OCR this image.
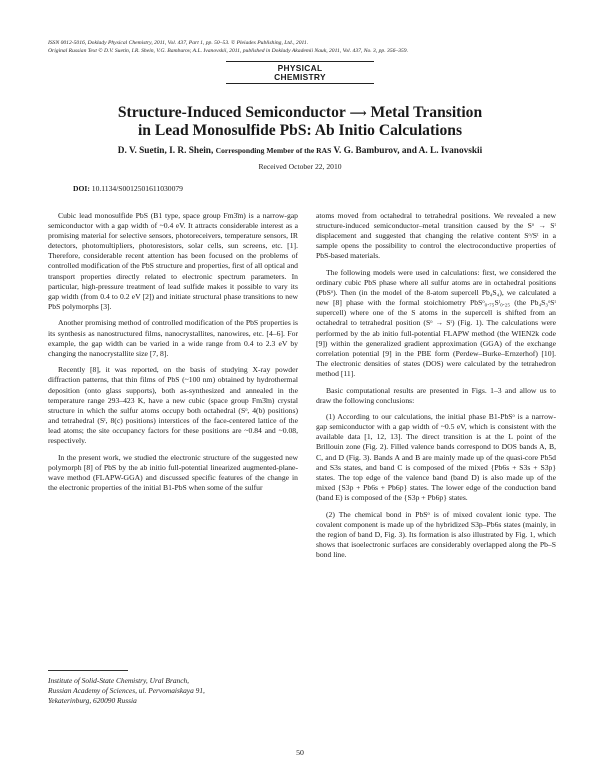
ISSN 0012-5016, Doklady Physical Chemistry, 2011, Vol. 437, Part 1, pp. 50–53. © Pleiades Publishing, Ltd., 2011.
Original Russian Text © D.V. Suetin, I.R. Shein, V.G. Bamburov, A.L. Ivanovskii, 2011, published in Doklady Akademii Nauk, 2011, Vol. 437, No. 3, pp. 356–359.
PHYSICAL
CHEMISTRY
Structure-Induced Semiconductor ⟶ Metal Transition
in Lead Monosulfide PbS: Ab Initio Calculations
D. V. Suetin, I. R. Shein, Corresponding Member of the RAS V. G. Bamburov, and A. L. Ivanovskii
Received October 22, 2010
DOI: 10.1134/S0012501611030079

Cubic lead monosulfide PbS (B1 type, space group Fm3̄m) is a narrow-gap semiconductor with a gap width of ~0.4 eV. It attracts considerable interest as a promising material for selective sensors, photoreceivers, temperature sensors, IR detectors, photomultipliers, photoresistors, solar cells, sun screens, etc. [1]. Therefore, considerable recent attention has been focused on the problems of controlled modification of the PbS structure and properties, first of all optical and transport properties directly related to electronic spectrum parameters. In particular, high-pressure treatment of lead sulfide makes it possible to vary its gap width (from 0.4 to 0.2 eV [2]) and initiate structural phase transitions to new PbS polymorphs [3].

Another promising method of controlled modification of the PbS properties is its synthesis as nanostructured films, nanocrystallites, nanowires, etc. [4–6]. For example, the gap width can be varied in a wide range from 0.4 to 2.3 eV by changing the nanocrystallite size [7, 8].

Recently [8], it was reported, on the basis of studying X-ray powder diffraction patterns, that thin films of PbS (~100 nm) obtained by hydrothermal deposition (onto glass supports), both as-synthesized and annealed in the temperature range 293–423 K, have a new cubic (space group Fm3̄m) crystal structure in which the sulfur atoms occupy both octahedral (Sᵒ, 4(b) positions) and tetrahedral (Sᵗ, 8(c) positions) interstices of the face-centered lattice of the lead atoms; the site occupancy factors for these positions are ~0.84 and ~0.08, respectively.

In the present work, we studied the electronic structure of the suggested new polymorph [8] of PbS by the ab initio full-potential linearized augmented-plane-wave method (FLAPW-GGA) and discussed specific features of the change in the electronic properties of the initial B1-PbS when some of the sulfur

atoms moved from octahedral to tetrahedral positions. We revealed a new structure-induced semiconductor–metal transition caused by the Sᵒ → Sᵗ displacement and suggested that changing the relative content Sᵒ/Sᵗ in a sample opens the possibility to control the electroconductive properties of PbS-based materials.

The following models were used in calculations: first, we considered the ordinary cubic PbS phase where all sulfur atoms are in octahedral positions (PbSᵒ). Then (in the model of the 8-atom supercell Pb₄S₄), we calculated a new [8] phase with the formal stoichiometry PbSᵒ₀.₇₅Sᵗ₀.₂₅ (the Pb₄S₃ᵒSᵗ supercell) where one of the S atoms in the supercell is shifted from an octahedral to tetrahedral position (Sᵒ → Sᵗ) (Fig. 1). The calculations were performed by the ab initio full-potential FLAPW method (the WIEN2k code [9]) within the generalized gradient approximation (GGA) of the exchange correlation potential [9] in the PBE form (Perdew–Burke–Ernzerhof) [10]. The electronic densities of states (DOS) were calculated by the tetrahedron method [11].

Basic computational results are presented in Figs. 1–3 and allow us to draw the following conclusions:

(1) According to our calculations, the initial phase B1-PbSᵒ is a narrow-gap semiconductor with a gap width of ~0.5 eV, which is consistent with the available data [1, 12, 13]. The direct transition is at the L point of the Brillouin zone (Fig. 2). Filled valence bands correspond to DOS bands A, B, C, and D (Fig. 3). Bands A and B are mainly made up of the quasi-core Pb5d and S3s states, and band C is composed of the mixed {Pb6s + S3s + S3p} states. The top edge of the valence band (band D) is also made up of the mixed {S3p + Pb6s + Pb6p} states. The lower edge of the conduction band (band E) is composed of the {S3p + Pb6p} states.

(2) The chemical bond in PbSᵒ is of mixed covalent ionic type. The covalent component is made up of the hybridized S3p–Pb6s states (mainly, in the region of band D, Fig. 3). Its formation is also illustrated by Fig. 1, which shows that isoelectronic surfaces are considerably overlapped along the Pb–S bond line.

Institute of Solid-State Chemistry, Ural Branch,
Russian Academy of Sciences, ul. Pervomaiskaya 91,
Yekaterinburg, 620090 Russia
50
